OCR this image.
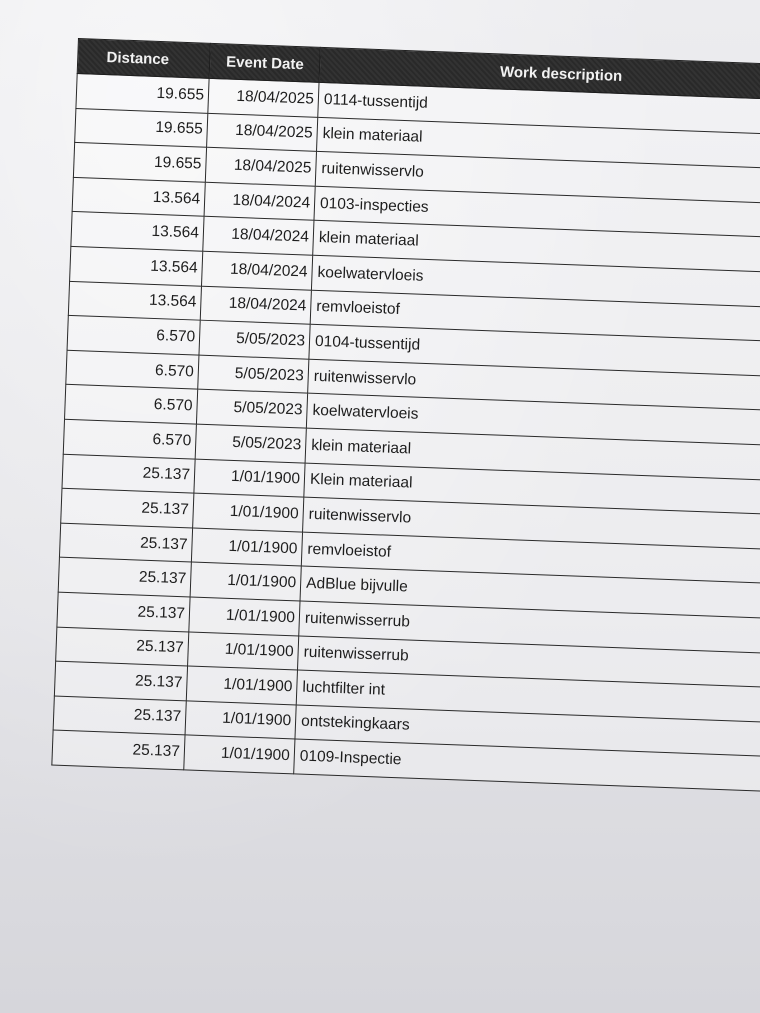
Distance	Event Date	Work description
19.655	18/04/2025	0114-tussentijd
19.655	18/04/2025	klein materiaal
19.655	18/04/2025	ruitenwisservlo
13.564	18/04/2024	0103-inspecties
13.564	18/04/2024	klein materiaal
13.564	18/04/2024	koelwatervloeis
13.564	18/04/2024	remvloeistof
6.570	5/05/2023	0104-tussentijd
6.570	5/05/2023	ruitenwisservlo
6.570	5/05/2023	koelwatervloeis
6.570	5/05/2023	klein materiaal
25.137	1/01/1900	Klein materiaal
25.137	1/01/1900	ruitenwisservlo
25.137	1/01/1900	remvloeistof
25.137	1/01/1900	AdBlue bijvulle
25.137	1/01/1900	ruitenwisserrub
25.137	1/01/1900	ruitenwisserrub
25.137	1/01/1900	luchtfilter int
25.137	1/01/1900	ontstekingkaars
25.137	1/01/1900	0109-Inspectie
